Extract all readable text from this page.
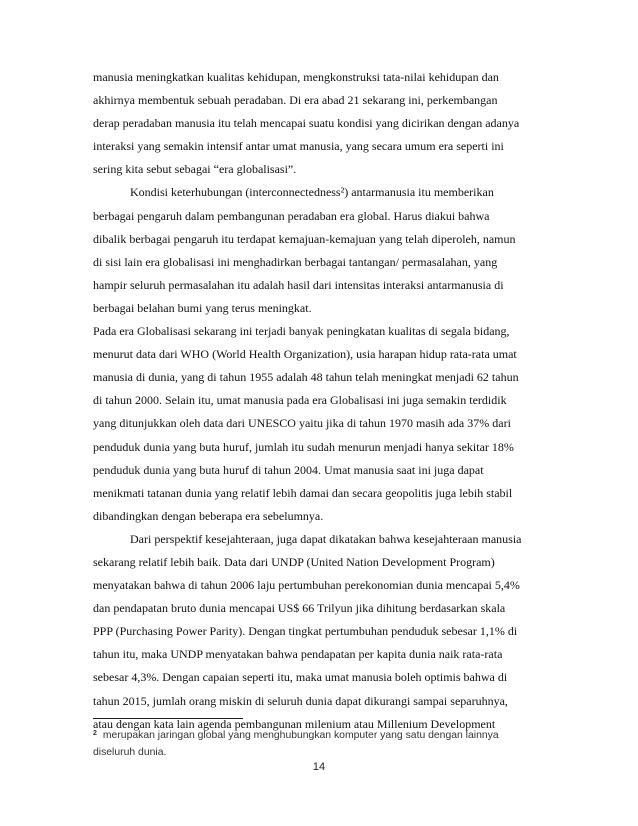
manusia meningkatkan kualitas kehidupan, mengkonstruksi tata-nilai kehidupan dan
akhirnya membentuk sebuah peradaban. Di era abad 21 sekarang ini, perkembangan
derap peradaban manusia itu telah mencapai suatu kondisi yang dicirikan dengan adanya
interaksi yang semakin intensif antar umat manusia, yang secara umum era seperti ini
sering kita sebut sebagai “era globalisasi”.

Kondisi keterhubungan (interconnectedness²) antarmanusia itu memberikan
berbagai pengaruh dalam pembangunan peradaban era global. Harus diakui bahwa
dibalik berbagai pengaruh itu terdapat kemajuan-kemajuan yang telah diperoleh, namun
di sisi lain era globalisasi ini menghadirkan berbagai tantangan/ permasalahan, yang
hampir seluruh permasalahan itu adalah hasil dari intensitas interaksi antarmanusia di
berbagai belahan bumi yang terus meningkat.

Pada era Globalisasi sekarang ini terjadi banyak peningkatan kualitas di segala bidang,
menurut data dari WHO (World Health Organization), usia harapan hidup rata-rata umat
manusia di dunia, yang di tahun 1955 adalah 48 tahun telah meningkat menjadi 62 tahun
di tahun 2000. Selain itu, umat manusia pada era Globalisasi ini juga semakin terdidik
yang ditunjukkan oleh data dari UNESCO yaitu jika di tahun 1970 masih ada 37% dari
penduduk dunia yang buta huruf, jumlah itu sudah menurun menjadi hanya sekitar 18%
penduduk dunia yang buta huruf di tahun 2004. Umat manusia saat ini juga dapat
menikmati tatanan dunia yang relatif lebih damai dan secara geopolitis juga lebih stabil
dibandingkan dengan beberapa era sebelumnya.

Dari perspektif kesejahteraan, juga dapat dikatakan bahwa kesejahteraan manusia
sekarang relatif lebih baik. Data dari UNDP (United Nation Development Program)
menyatakan bahwa di tahun 2006 laju pertumbuhan perekonomian dunia mencapai 5,4%
dan pendapatan bruto dunia mencapai US$ 66 Trilyun jika dihitung berdasarkan skala
PPP (Purchasing Power Parity). Dengan tingkat pertumbuhan penduduk sebesar 1,1% di
tahun itu, maka UNDP menyatakan bahwa pendapatan per kapita dunia naik rata-rata
sebesar 4,3%. Dengan capaian seperti itu, maka umat manusia boleh optimis bahwa di
tahun 2015, jumlah orang miskin di seluruh dunia dapat dikurangi sampai separuhnya,
atau dengan kata lain agenda pembangunan milenium atau Millenium Development

$^2$ merupakan jaringan global yang menghubungkan komputer yang satu dengan lainnya diseluruh dunia.
14
